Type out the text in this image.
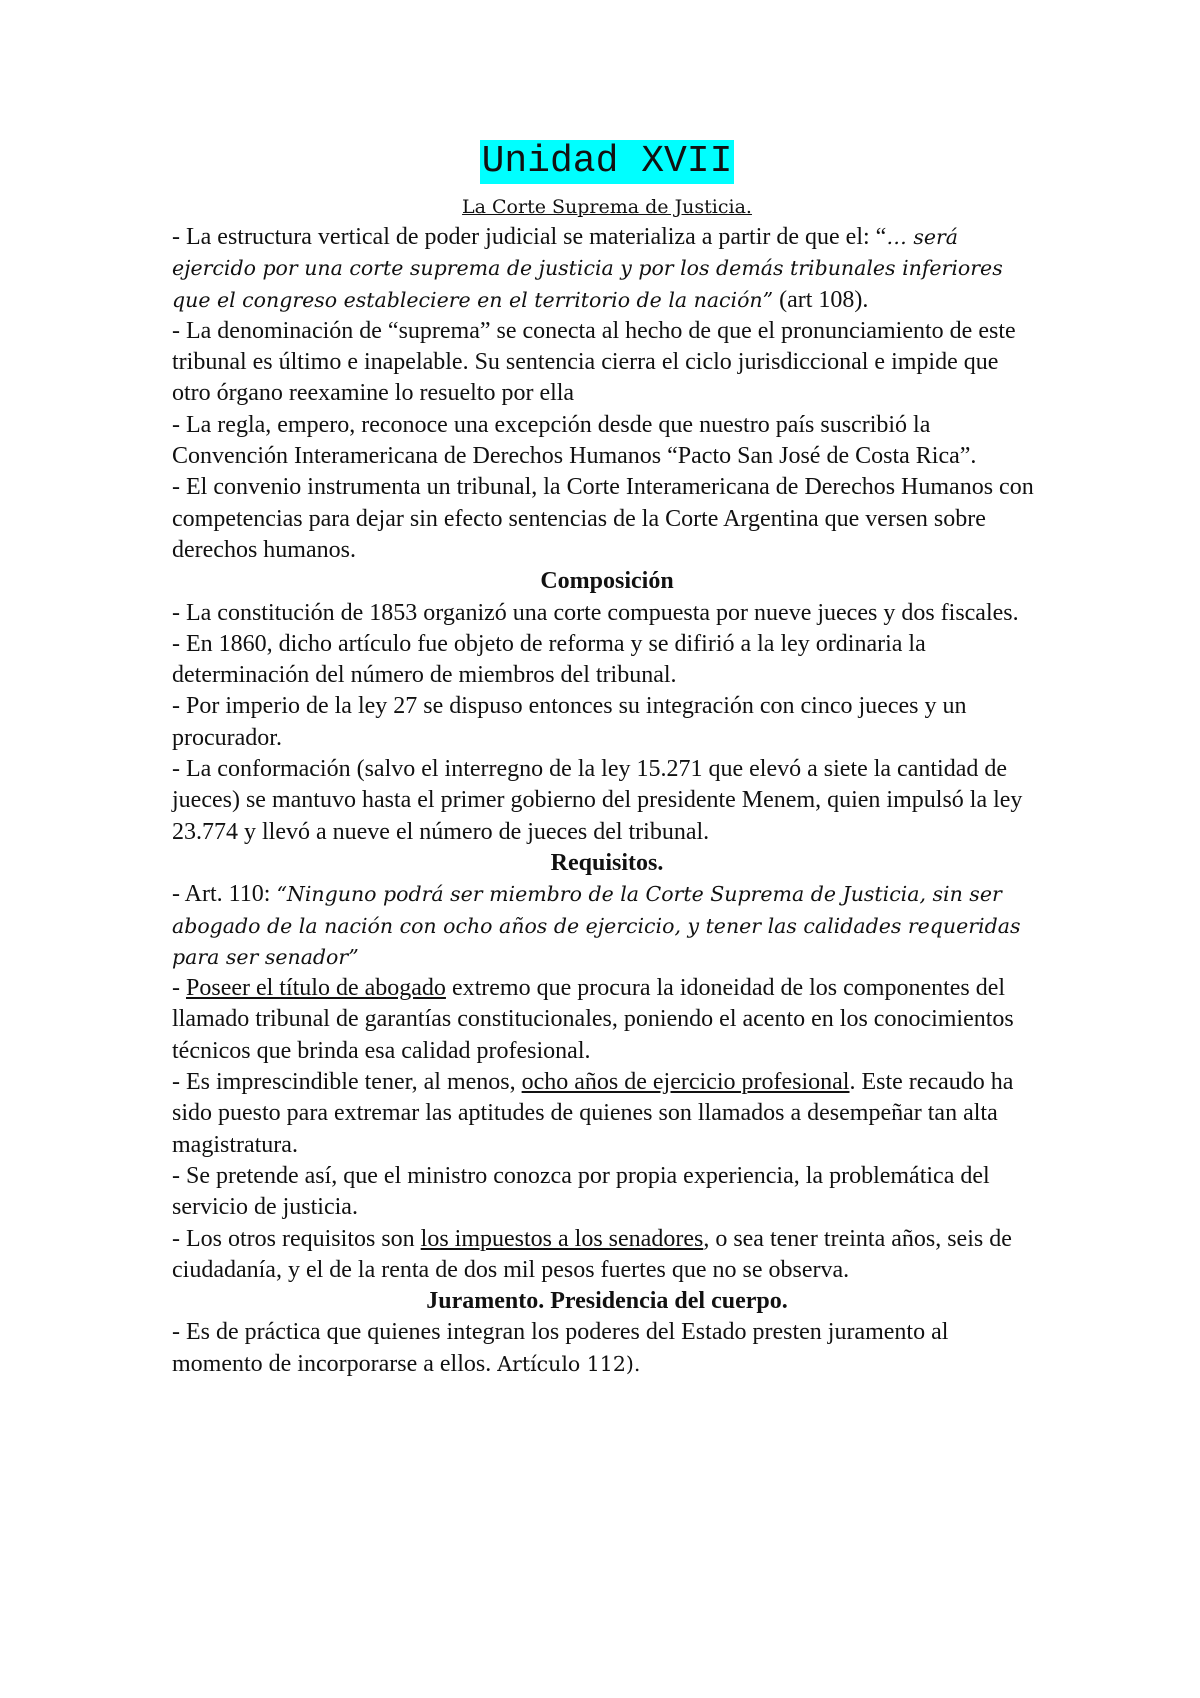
Unidad XVII
La Corte Suprema de Justicia.

- La estructura vertical de poder judicial se materializa a partir de que el: “… será ejercido por una corte suprema de justicia y por los demás tribunales inferiores que el congreso estableciere en el territorio de la nación” (art 108).

- La denominación de “suprema” se conecta al hecho de que el pronunciamiento de este tribunal es último e inapelable. Su sentencia cierra el ciclo jurisdiccional e impide que otro órgano reexamine lo resuelto por ella

- La regla, empero, reconoce una excepción desde que nuestro país suscribió la Convención Interamericana de Derechos Humanos “Pacto San José de Costa Rica”.

- El convenio instrumenta un tribunal, la Corte Interamericana de Derechos Humanos con competencias para dejar sin efecto sentencias de la Corte Argentina que versen sobre derechos humanos.

Composición

- La constitución de 1853 organizó una corte compuesta por nueve jueces y dos fiscales.

- En 1860, dicho artículo fue objeto de reforma y se difirió a la ley ordinaria la determinación del número de miembros del tribunal.

- Por imperio de la ley 27 se dispuso entonces su integración con cinco jueces y un procurador.

- La conformación (salvo el interregno de la ley 15.271 que elevó a siete la cantidad de jueces) se mantuvo hasta el primer gobierno del presidente Menem, quien impulsó la ley 23.774 y llevó a nueve el número de jueces del tribunal.

Requisitos.

- Art. 110: “Ninguno podrá ser miembro de la Corte Suprema de Justicia, sin ser abogado de la nación con ocho años de ejercicio, y tener las calidades requeridas para ser senador”

- Poseer el título de abogado extremo que procura la idoneidad de los componentes del llamado tribunal de garantías constitucionales, poniendo el acento en los conocimientos técnicos que brinda esa calidad profesional.

- Es imprescindible tener, al menos, ocho años de ejercicio profesional. Este recaudo ha sido puesto para extremar las aptitudes de quienes son llamados a desempeñar tan alta magistratura.

- Se pretende así, que el ministro conozca por propia experiencia, la problemática del servicio de justicia.

- Los otros requisitos son los impuestos a los senadores, o sea tener treinta años, seis de ciudadanía, y el de la renta de dos mil pesos fuertes que no se observa.

Juramento. Presidencia del cuerpo.

- Es de práctica que quienes integran los poderes del Estado presten juramento al momento de incorporarse a ellos. Artículo 112).
